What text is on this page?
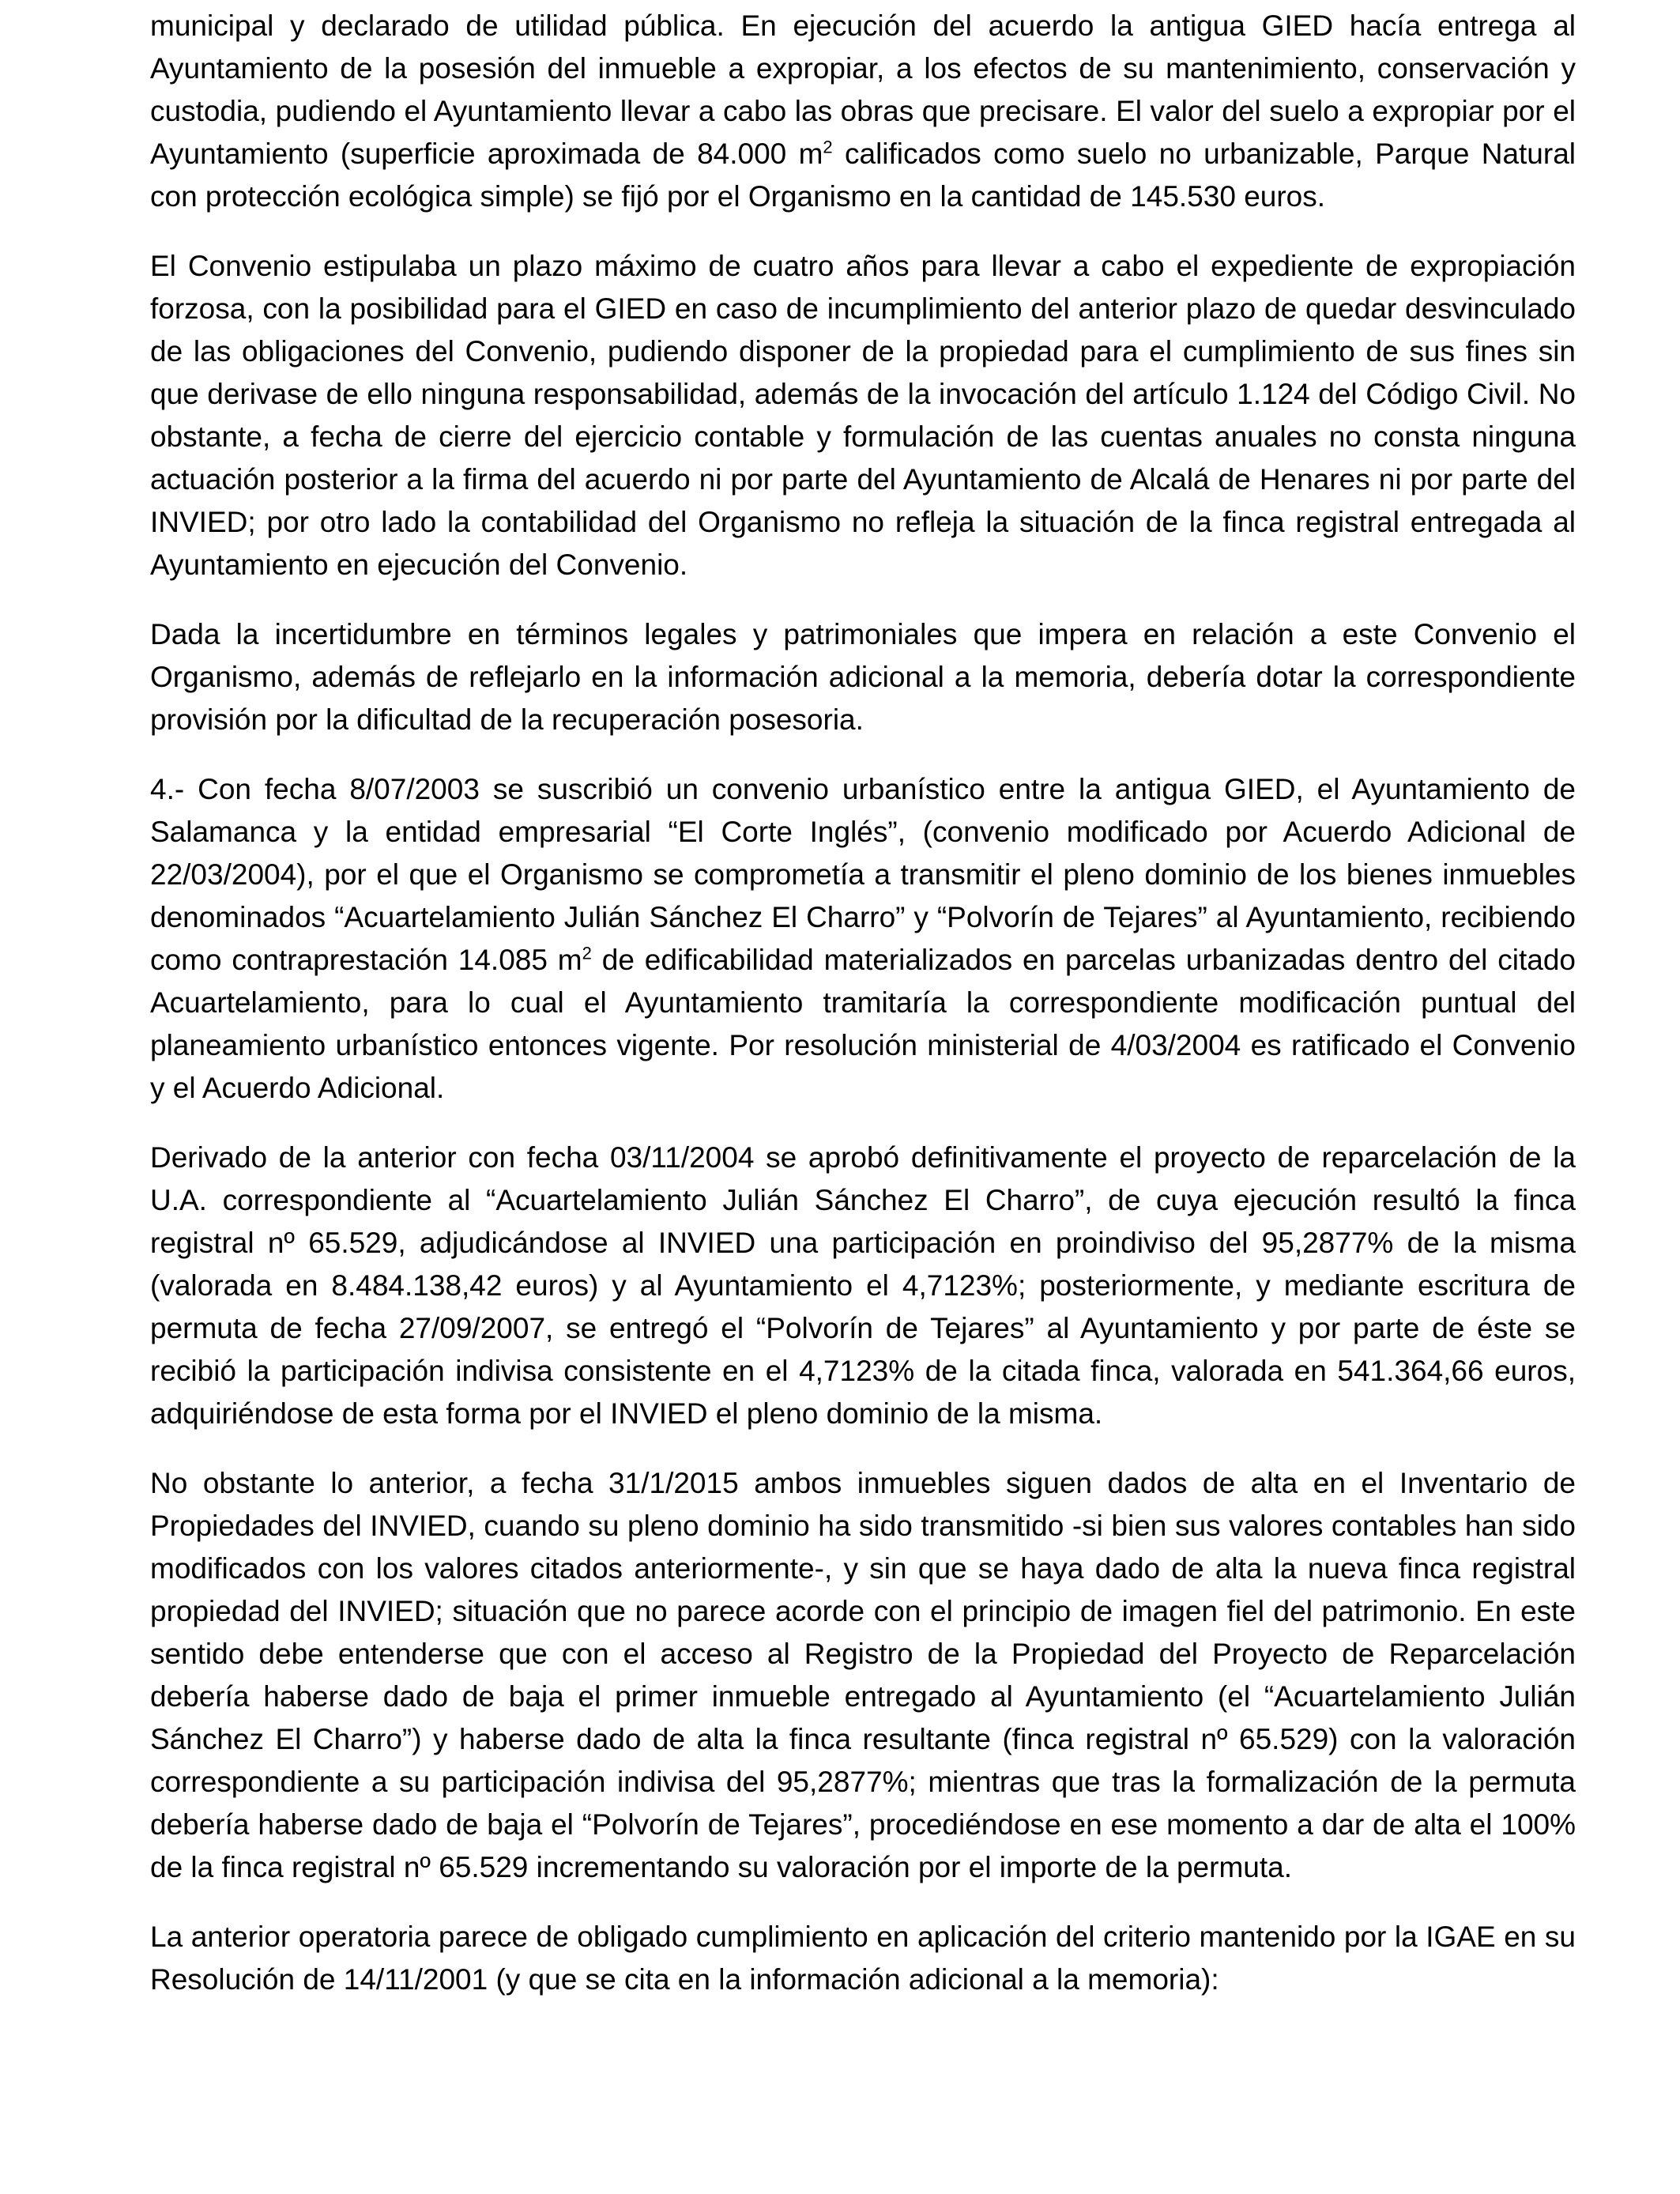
municipal y declarado de utilidad pública. En ejecución del acuerdo la antigua GIED hacía entrega al Ayuntamiento de la posesión del inmueble a expropiar, a los efectos de su mantenimiento, conservación y custodia, pudiendo el Ayuntamiento llevar a cabo las obras que precisare. El valor del suelo a expropiar por el Ayuntamiento (superficie aproximada de 84.000 $m^2$ calificados como suelo no urbanizable, Parque Natural con protección ecológica simple) se fijó por el Organismo en la cantidad de 145.530 euros.

El Convenio estipulaba un plazo máximo de cuatro años para llevar a cabo el expediente de expropiación forzosa, con la posibilidad para el GIED en caso de incumplimiento del anterior plazo de quedar desvinculado de las obligaciones del Convenio, pudiendo disponer de la propiedad para el cumplimiento de sus fines sin que derivase de ello ninguna responsabilidad, además de la invocación del artículo 1.124 del Código Civil. No obstante, a fecha de cierre del ejercicio contable y formulación de las cuentas anuales no consta ninguna actuación posterior a la firma del acuerdo ni por parte del Ayuntamiento de Alcalá de Henares ni por parte del INVIED; por otro lado la contabilidad del Organismo no refleja la situación de la finca registral entregada al Ayuntamiento en ejecución del Convenio.

Dada la incertidumbre en términos legales y patrimoniales que impera en relación a este Convenio el Organismo, además de reflejarlo en la información adicional a la memoria, debería dotar la correspondiente provisión por la dificultad de la recuperación posesoria.

4.- Con fecha 8/07/2003 se suscribió un convenio urbanístico entre la antigua GIED, el Ayuntamiento de Salamanca y la entidad empresarial “El Corte Inglés”, (convenio modificado por Acuerdo Adicional de 22/03/2004), por el que el Organismo se comprometía a transmitir el pleno dominio de los bienes inmuebles denominados “Acuartelamiento Julián Sánchez El Charro” y “Polvorín de Tejares” al Ayuntamiento, recibiendo como contraprestación 14.085 $m^2$ de edificabilidad materializados en parcelas urbanizadas dentro del citado Acuartelamiento, para lo cual el Ayuntamiento tramitaría la correspondiente modificación puntual del planeamiento urbanístico entonces vigente. Por resolución ministerial de 4/03/2004 es ratificado el Convenio y el Acuerdo Adicional.

Derivado de la anterior con fecha 03/11/2004 se aprobó definitivamente el proyecto de reparcelación de la U.A. correspondiente al “Acuartelamiento Julián Sánchez El Charro”, de cuya ejecución resultó la finca registral nº 65.529, adjudicándose al INVIED una participación en proindiviso del 95,2877% de la misma (valorada en 8.484.138,42 euros) y al Ayuntamiento el 4,7123%; posteriormente, y mediante escritura de permuta de fecha 27/09/2007, se entregó el “Polvorín de Tejares” al Ayuntamiento y por parte de éste se recibió la participación indivisa consistente en el 4,7123% de la citada finca, valorada en 541.364,66 euros, adquiriéndose de esta forma por el INVIED el pleno dominio de la misma.

No obstante lo anterior, a fecha 31/1/2015 ambos inmuebles siguen dados de alta en el Inventario de Propiedades del INVIED, cuando su pleno dominio ha sido transmitido -si bien sus valores contables han sido modificados con los valores citados anteriormente-, y sin que se haya dado de alta la nueva finca registral propiedad del INVIED; situación que no parece acorde con el principio de imagen fiel del patrimonio. En este sentido debe entenderse que con el acceso al Registro de la Propiedad del Proyecto de Reparcelación debería haberse dado de baja el primer inmueble entregado al Ayuntamiento (el “Acuartelamiento Julián Sánchez El Charro”) y haberse dado de alta la finca resultante (finca registral nº 65.529) con la valoración correspondiente a su participación indivisa del 95,2877%; mientras que tras la formalización de la permuta debería haberse dado de baja el “Polvorín de Tejares”, procediéndose en ese momento a dar de alta el 100% de la finca registral nº 65.529 incrementando su valoración por el importe de la permuta.

La anterior operatoria parece de obligado cumplimiento en aplicación del criterio mantenido por la IGAE en su Resolución de 14/11/2001 (y que se cita en la información adicional a la memoria):
